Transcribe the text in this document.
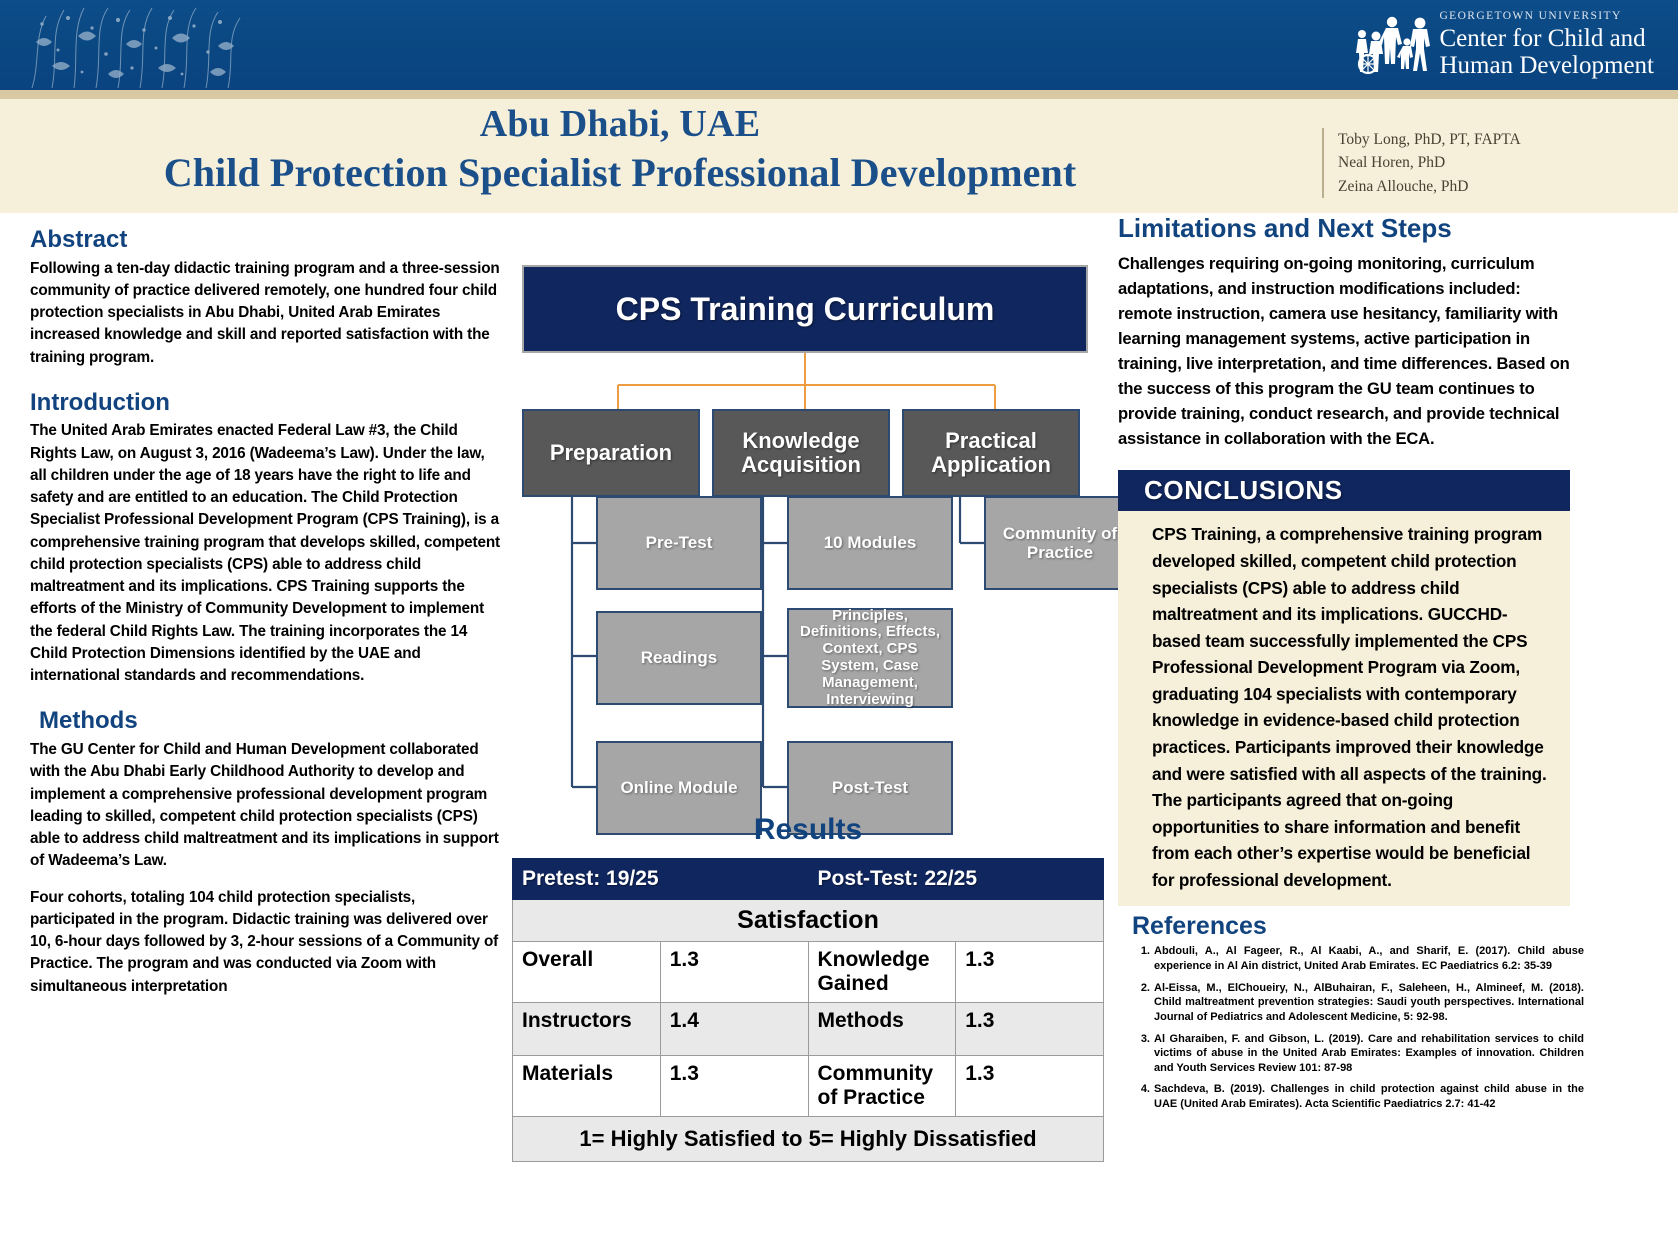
GEORGETOWN UNIVERSITY
Center for Child and
Human Development
Abu Dhabi, UAE
Child Protection Specialist Professional Development
Toby Long, PhD, PT, FAPTA
Neal Horen, PhD
Zeina Allouche, PhD
Abstract
Following a ten-day didactic training program and a three-session community of practice delivered remotely, one hundred four child protection specialists in Abu Dhabi, United Arab Emirates increased knowledge and skill and reported satisfaction with the training program.
Introduction
The United Arab Emirates enacted Federal Law #3, the Child Rights Law, on August 3, 2016 (Wadeema’s Law). Under the law, all children under the age of 18 years have the right to life and safety and are entitled to an education. The Child Protection Specialist Professional Development Program (CPS Training), is a comprehensive training program that develops skilled, competent child protection specialists (CPS) able to address child maltreatment and its implications. CPS Training supports the efforts of the Ministry of Community Development to implement the federal Child Rights Law. The training incorporates the 14 Child Protection Dimensions identified by the UAE and international standards and recommendations.
Methods
The GU Center for Child and Human Development collaborated with the Abu Dhabi Early Childhood Authority to develop and implement a comprehensive professional development program leading to skilled, competent child protection specialists (CPS) able to address child maltreatment and its implications in support of Wadeema’s Law.
Four cohorts, totaling 104 child protection specialists, participated in the program. Didactic training was delivered over 10, 6-hour days followed by 3, 2-hour sessions of a Community of Practice. The program and was conducted via Zoom with simultaneous interpretation
CPS Training Curriculum
Preparation	Knowledge Acquisition
Practical Application
Pre-Test
Readings
Online Module
10 Modules
Principles, Definitions, Effects, Context, CPS System, Case Management, Interviewing
Post-Test
Community of Practice
Results
Pretest: 19/25		Post-Test: 22/25	
Satisfaction			
Overall	1.3	Knowledge Gained	1.3
Instructors	1.4	Methods	1.3
Materials	1.3	Community of Practice	1.3
1= Highly Satisfied to 5= Highly Dissatisfied			
Limitations and Next Steps
Challenges requiring on-going monitoring, curriculum adaptations, and instruction modifications included: remote instruction, camera use hesitancy, familiarity with learning management systems, active participation in training, live interpretation, and time differences. Based on the success of this program the GU team continues to provide training, conduct research, and provide technical assistance in collaboration with the ECA.
CONCLUSIONS
CPS Training, a comprehensive training program developed skilled, competent child protection specialists (CPS) able to address child maltreatment and its implications. GUCCHD-based team successfully implemented the CPS Professional Development Program via Zoom, graduating 104 specialists with contemporary knowledge in evidence-based child protection practices. Participants improved their knowledge and were satisfied with all aspects of the training. The participants agreed that on-going opportunities to share information and benefit from each other’s expertise would be beneficial for professional development.
References
1. Abdouli, A., Al Fageer, R., Al Kaabi, A., and Sharif, E. (2017). Child abuse experience in Al Ain district, United Arab Emirates. EC Paediatrics 6.2: 35-39
2. Al-Eissa, M., ElChoueiry, N., AlBuhairan, F., Saleheen, H., Almineef, M. (2018). Child maltreatment prevention strategies: Saudi youth perspectives. International Journal of Pediatrics and Adolescent Medicine, 5: 92-98.
3. Al Gharaiben, F. and Gibson, L. (2019). Care and rehabilitation services to child victims of abuse in the United Arab Emirates: Examples of innovation. Children and Youth Services Review 101: 87-98
4. Sachdeva, B. (2019). Challenges in child protection against child abuse in the UAE (United Arab Emirates). Acta Scientific Paediatrics 2.7: 41-42
